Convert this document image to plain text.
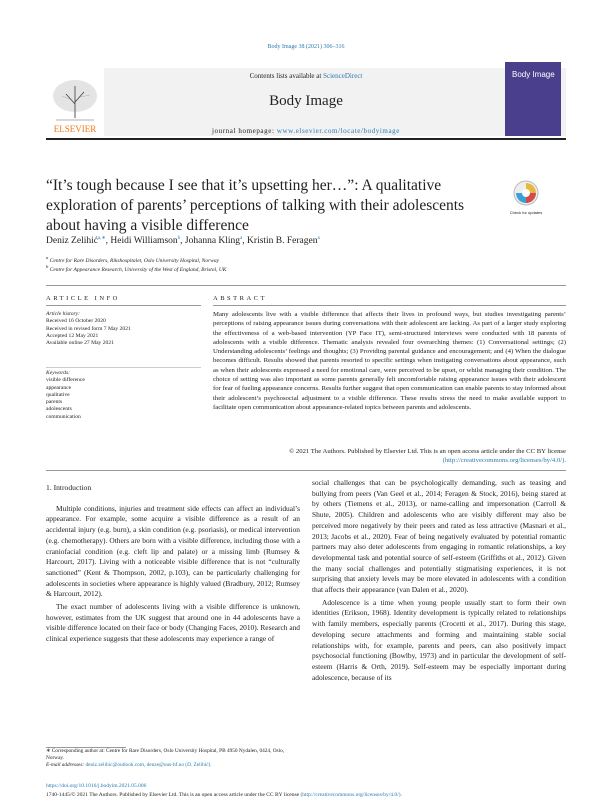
Body Image 38 (2021) 306–316
ELSEVIER
Contents lists available at ScienceDirect
Body Image
journal homepage: www.elsevier.com/locate/bodyimage
Body Image
“It’s tough because I see that it’s upsetting her…”: A qualitative exploration of parents’ perceptions of talking with their adolescents about having a visible difference
Check for updates
Deniz Zelihić$^{a,∗}$, Heidi Williamson$^b$, Johanna Kling$^a$, Kristin B. Feragen$^a$
$^a$ Centre for Rare Disorders, Rikshospitalet, Oslo University Hospital, Norway
$^b$ Centre for Appearance Research, University of the West of England, Bristol, UK
ARTICLE INFO
Article history:
Received 16 October 2020
Received in revised form 7 May 2021
Accepted 12 May 2021
Available online 27 May 2021
Keywords:
visible difference
appearance
qualitative
parents
adolescents
communication
ABSTRACT
Many adolescents live with a visible difference that affects their lives in profound ways, but studies investigating parents’ perceptions of raising appearance issues during conversations with their adolescent are lacking. As part of a larger study exploring the effectiveness of a web-based intervention (YP Face IT), semi-structured interviews were conducted with 18 parents of adolescents with a visible difference. Thematic analysis revealed four overarching themes: (1) Conversational settings; (2) Understanding adolescents’ feelings and thoughts; (3) Providing parental guidance and encouragement; and (4) When the dialogue becomes difficult. Results showed that parents resorted to specific settings when instigating conversations about appearance, such as when their adolescents expressed a need for emotional care, were perceived to be upset, or whilst managing their condition. The choice of setting was also important as some parents generally felt uncomfortable raising appearance issues with their adolescent for fear of fueling appearance concerns. Results further suggest that open communication can enable parents to stay informed about their adolescent’s psychosocial adjustment to a visible difference. These results stress the need to make available support to facilitate open communication about appearance-related topics between parents and adolescents.
© 2021 The Authors. Published by Elsevier Ltd. This is an open access article under the CC BY license
(http://creativecommons.org/licenses/by/4.0/).
1. Introduction

Multiple conditions, injuries and treatment side effects can affect an individual’s appearance. For example, some acquire a visible difference as a result of an accidental injury (e.g. burn), a skin condition (e.g. psoriasis), or medical intervention (e.g. chemotherapy). Others are born with a visible difference, including those with a craniofacial condition (e.g. cleft lip and palate) or a missing limb (Rumsey & Harcourt, 2017). Living with a noticeable visible difference that is not “culturally sanctioned” (Kent & Thompson, 2002, p.103), can be particularly challenging for adolescents in societies where appearance is highly valued (Bradbury, 2012; Rumsey & Harcourt, 2012).

The exact number of adolescents living with a visible difference is unknown, however, estimates from the UK suggest that around one in 44 adolescents have a visible difference located on their face or body (Changing Faces, 2010). Research and clinical experience suggests that these adolescents may experience a range of

social challenges that can be psychologically demanding, such as teasing and bullying from peers (Van Geel et al., 2014; Feragen & Stock, 2016), being stared at by others (Tiemens et al., 2013), or name-calling and impersonation (Carroll & Shute, 2005). Children and adolescents who are visibly different may also be perceived more negatively by their peers and rated as less attractive (Masnari et al., 2013; Jacobs et al., 2020). Fear of being negatively evaluated by potential romantic partners may also deter adolescents from engaging in romantic relationships, a key developmental task and potential source of self-esteem (Griffiths et al., 2012). Given the many social challenges and potentially stigmatising experiences, it is not surprising that anxiety levels may be more elevated in adolescents with a condition that affects their appearance (van Dalen et al., 2020).

Adolescence is a time when young people usually start to form their own identities (Erikson, 1968). Identity development is typically related to relationships with family members, especially parents (Crocetti et al., 2017). During this stage, developing secure attachments and forming and maintaining stable social relationships with, for example, parents and peers, can also positively impact psychosocial functioning (Bowlby, 1973) and in particular the development of self-esteem (Harris & Orth, 2019). Self-esteem may be especially important during adolescence, because of its

∗ Corresponding author at: Centre for Rare Disorders, Oslo University Hospital, PB 4950 Nydalen, 0424, Oslo, Norway.
E-mail addresses: deniz.zelihic@outlook.com, denze@ous-hf.no (D. Zelihić).
https://doi.org/10.1016/j.bodyim.2021.05.006
1740-1445/© 2021 The Authors. Published by Elsevier Ltd. This is an open access article under the CC BY license (http://creativecommons.org/licenses/by/4.0/).
